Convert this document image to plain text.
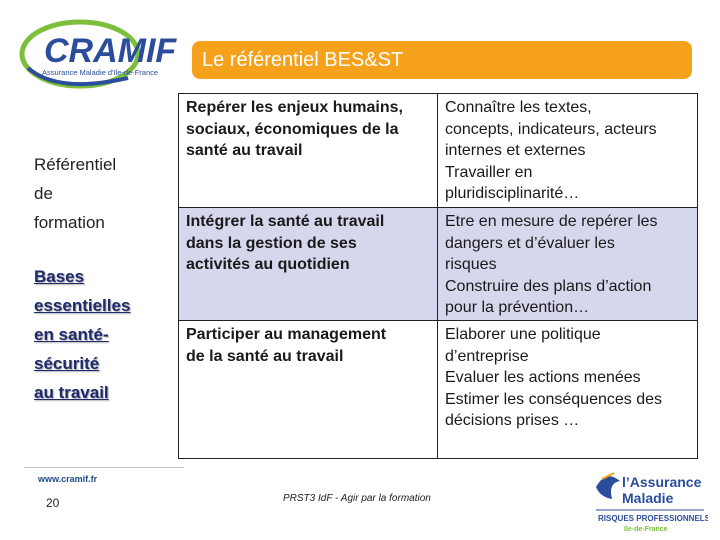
CRAMIF
Assurance Maladie d'Ile-de-France
Le référentiel BES&ST
Référentiel
de
formation
Bases
essentielles
en santé-
sécurité
au travail
Repérer les enjeux humains,
sociaux, économiques de la
santé au travail
Connaître les textes,
concepts, indicateurs, acteurs
internes et externes
Travailler en
pluridisciplinarité…
Intégrer la santé au travail
dans la gestion de ses
activités au quotidien
Etre en mesure de repérer les
dangers et d’évaluer les
risques
Construire des plans d’action
pour la prévention…
Participer au management
de la santé au travail
Elaborer une politique
d’entreprise
Evaluer les actions menées
Estimer les conséquences des
décisions prises …
www.cramif.fr
20	PRST3 IdF - Agir par la formation
l’Assurance
Maladie
RISQUES PROFESSIONNELS
Ile-de-France
